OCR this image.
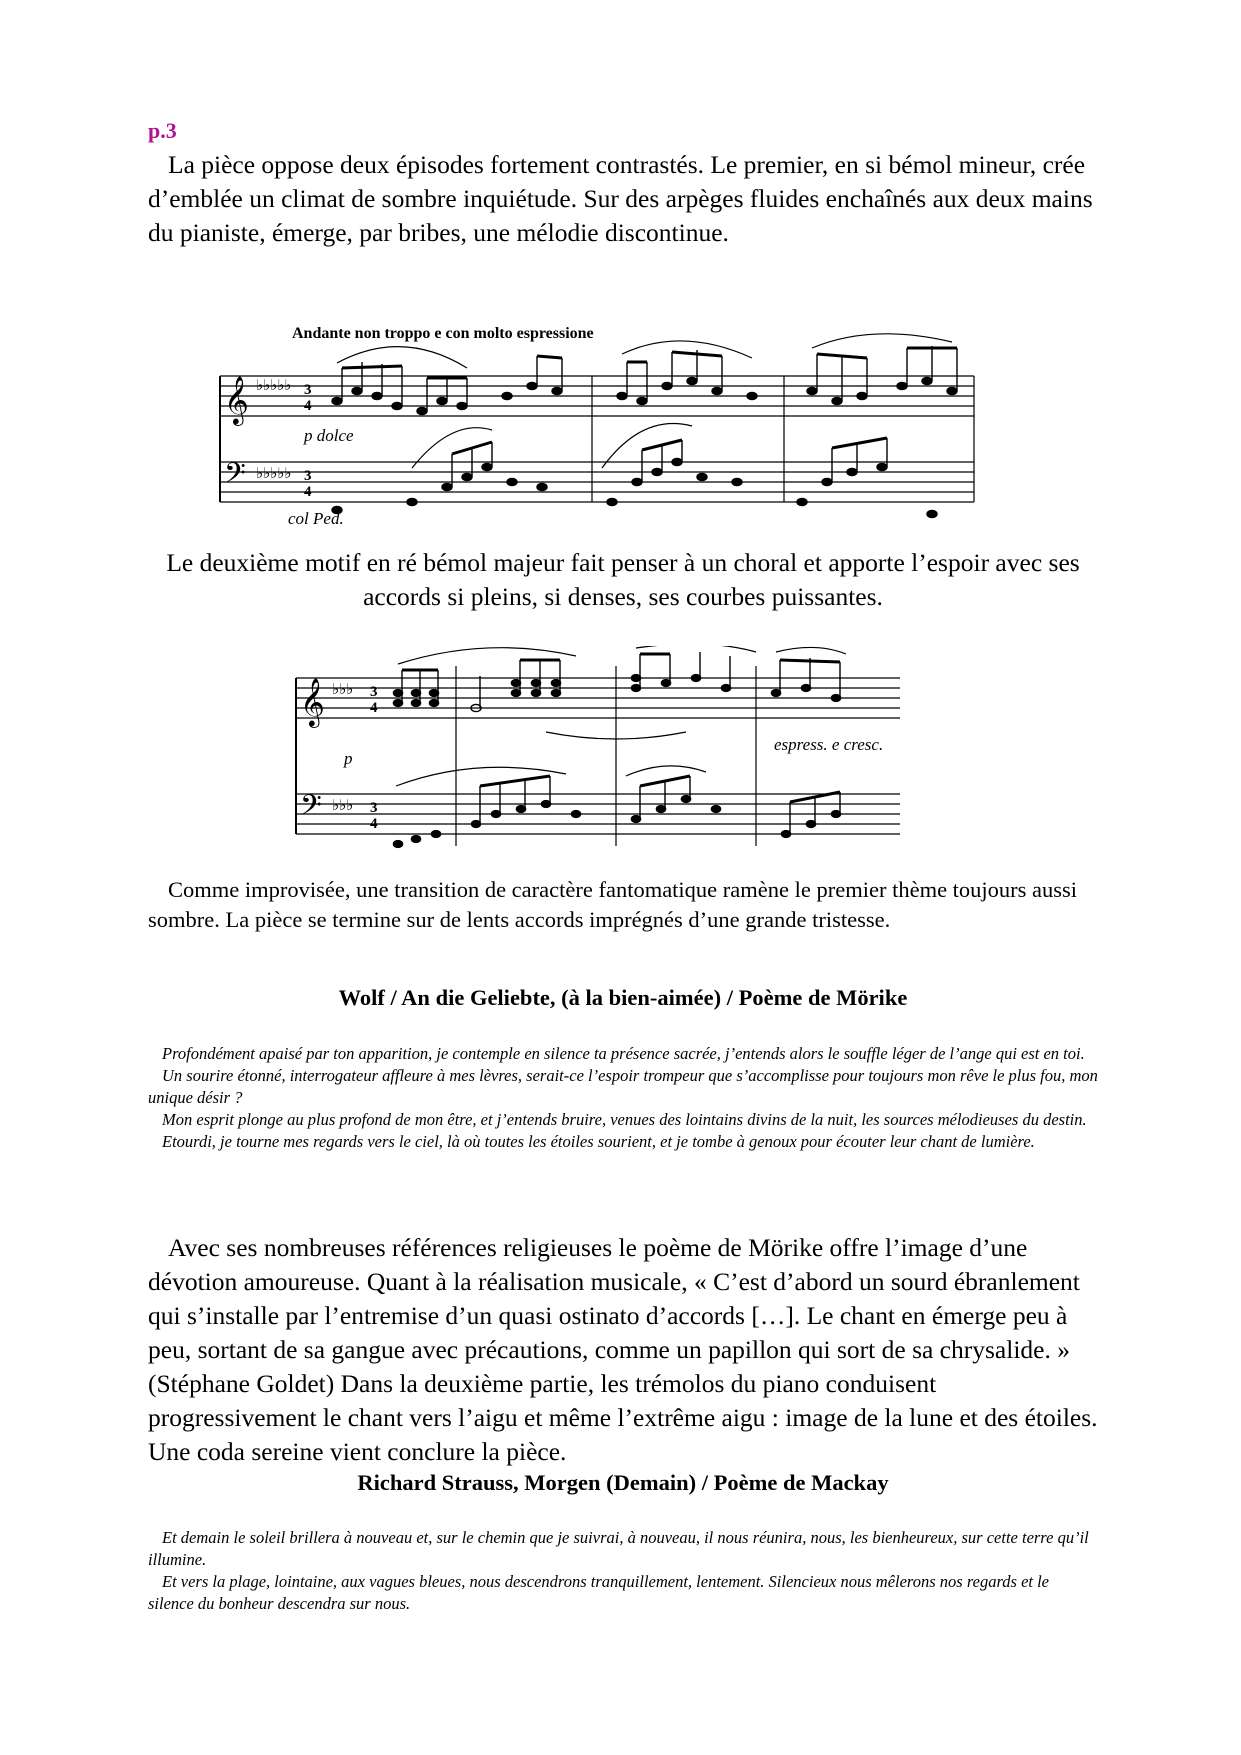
p.3

La pièce oppose deux épisodes fortement contrastés. Le premier, en si bémol mineur, crée d’emblée un climat de sombre inquiétude. Sur des arpèges fluides enchaînés aux deux mains du pianiste, émerge, par bribes, une mélodie discontinue.

Andante non troppo e con molto espressione
𝄞
𝄢
♭♭♭♭♭
♭♭♭♭♭
3
4
3
4
p dolce
col Ped.

Le deuxième motif en ré bémol majeur fait penser à un choral et apporte l’espoir avec ses accords si pleins, si denses, ses courbes puissantes.

𝄞
𝄢
♭♭♭
♭♭♭
3
4
3
4
p
espress. e cresc.

Comme improvisée, une transition de caractère fantomatique ramène le premier thème toujours aussi sombre. La pièce se termine sur de lents accords imprégnés d’une grande tristesse.

Wolf / An die Geliebte, (à la bien-aimée) / Poème de Mörike

Profondément apaisé par ton apparition, je contemple en silence ta présence sacrée, j’entends alors le souffle léger de l’ange qui est en toi.

Un sourire étonné, interrogateur affleure à mes lèvres, serait-ce l’espoir trompeur que s’accomplisse pour toujours mon rêve le plus fou, mon unique désir ?

Mon esprit plonge au plus profond de mon être, et j’entends bruire, venues des lointains divins de la nuit, les sources mélodieuses du destin.

Etourdi, je tourne mes regards vers le ciel, là où toutes les étoiles sourient, et je tombe à genoux pour écouter leur chant de lumière.

Avec ses nombreuses références religieuses le poème de Mörike offre l’image d’une dévotion amoureuse. Quant à la réalisation musicale, « C’est d’abord un sourd ébranlement qui s’installe par l’entremise d’un quasi ostinato d’accords […]. Le chant en émerge peu à peu, sortant de sa gangue avec précautions, comme un papillon qui sort de sa chrysalide. » (Stéphane Goldet) Dans la deuxième partie, les trémolos du piano conduisent progressivement le chant vers l’aigu et même l’extrême aigu : image de la lune et des étoiles. Une coda sereine vient conclure la pièce.

Richard Strauss, Morgen (Demain) / Poème de Mackay

Et demain le soleil brillera à nouveau et, sur le chemin que je suivrai, à nouveau, il nous réunira, nous, les bienheureux, sur cette terre qu’il illumine.

Et vers la plage, lointaine, aux vagues bleues, nous descendrons tranquillement, lentement. Silencieux nous mêlerons nos regards et le silence du bonheur descendra sur nous.
